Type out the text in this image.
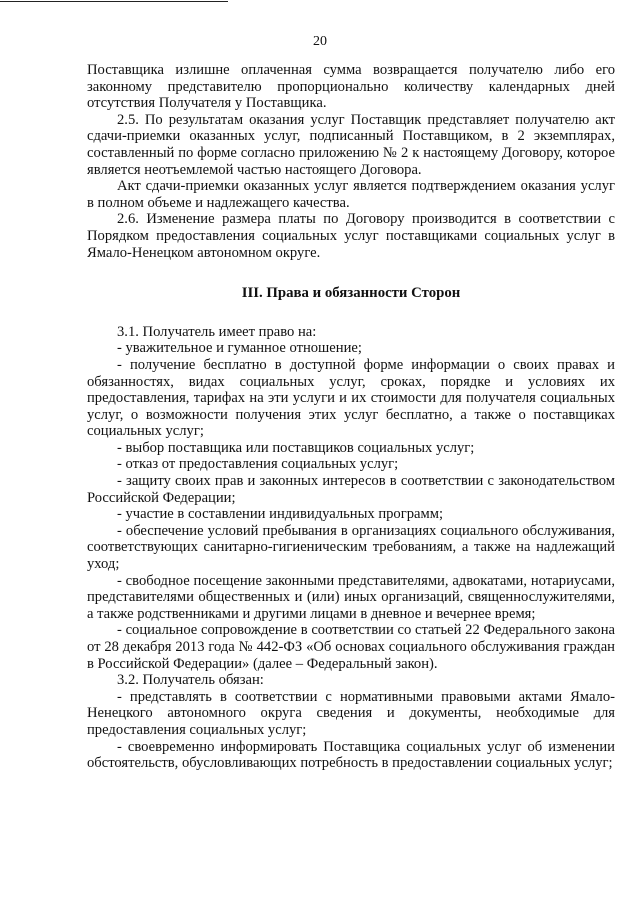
20

Поставщика излишне оплаченная сумма возвращается получателю либо его законному представителю пропорционально количеству календарных дней отсутствия Получателя у Поставщика.

2.5. По результатам оказания услуг Поставщик представляет получателю акт сдачи-приемки оказанных услуг, подписанный Поставщиком, в 2 экземплярах, составленный по форме согласно приложению № 2 к настоящему Договору, которое является неотъемлемой частью настоящего Договора.

Акт сдачи-приемки оказанных услуг является подтверждением оказания услуг в полном объеме и надлежащего качества.

2.6. Изменение размера платы по Договору производится в соответствии с Порядком предоставления социальных услуг поставщиками социальных услуг в Ямало-Ненецком автономном округе.

III. Права и обязанности Сторон

3.1. Получатель имеет право на:

- уважительное и гуманное отношение;

- получение бесплатно в доступной форме информации о своих правах и обязанностях, видах социальных услуг, сроках, порядке и условиях их предоставления, тарифах на эти услуги и их стоимости для получателя социальных услуг, о возможности получения этих услуг бесплатно, а также о поставщиках социальных услуг;

- выбор поставщика или поставщиков социальных услуг;

- отказ от предоставления социальных услуг;

- защиту своих прав и законных интересов в соответствии с законодательством Российской Федерации;

- участие в составлении индивидуальных программ;

- обеспечение условий пребывания в организациях социального обслуживания, соответствующих санитарно-гигиеническим требованиям, а также на надлежащий уход;

- свободное посещение законными представителями, адвокатами, нотариусами, представителями общественных и (или) иных организаций, священнослужителями, а также родственниками и другими лицами в дневное и вечернее время;

- социальное сопровождение в соответствии со статьей 22 Федерального закона от 28 декабря 2013 года № 442-ФЗ «Об основах социального обслуживания граждан в Российской Федерации» (далее – Федеральный закон).

3.2. Получатель обязан:

- представлять в соответствии с нормативными правовыми актами Ямало-Ненецкого автономного округа сведения и документы, необходимые для предоставления социальных услуг;

- своевременно информировать Поставщика социальных услуг об изменении обстоятельств, обусловливающих потребность в предоставлении социальных услуг;
